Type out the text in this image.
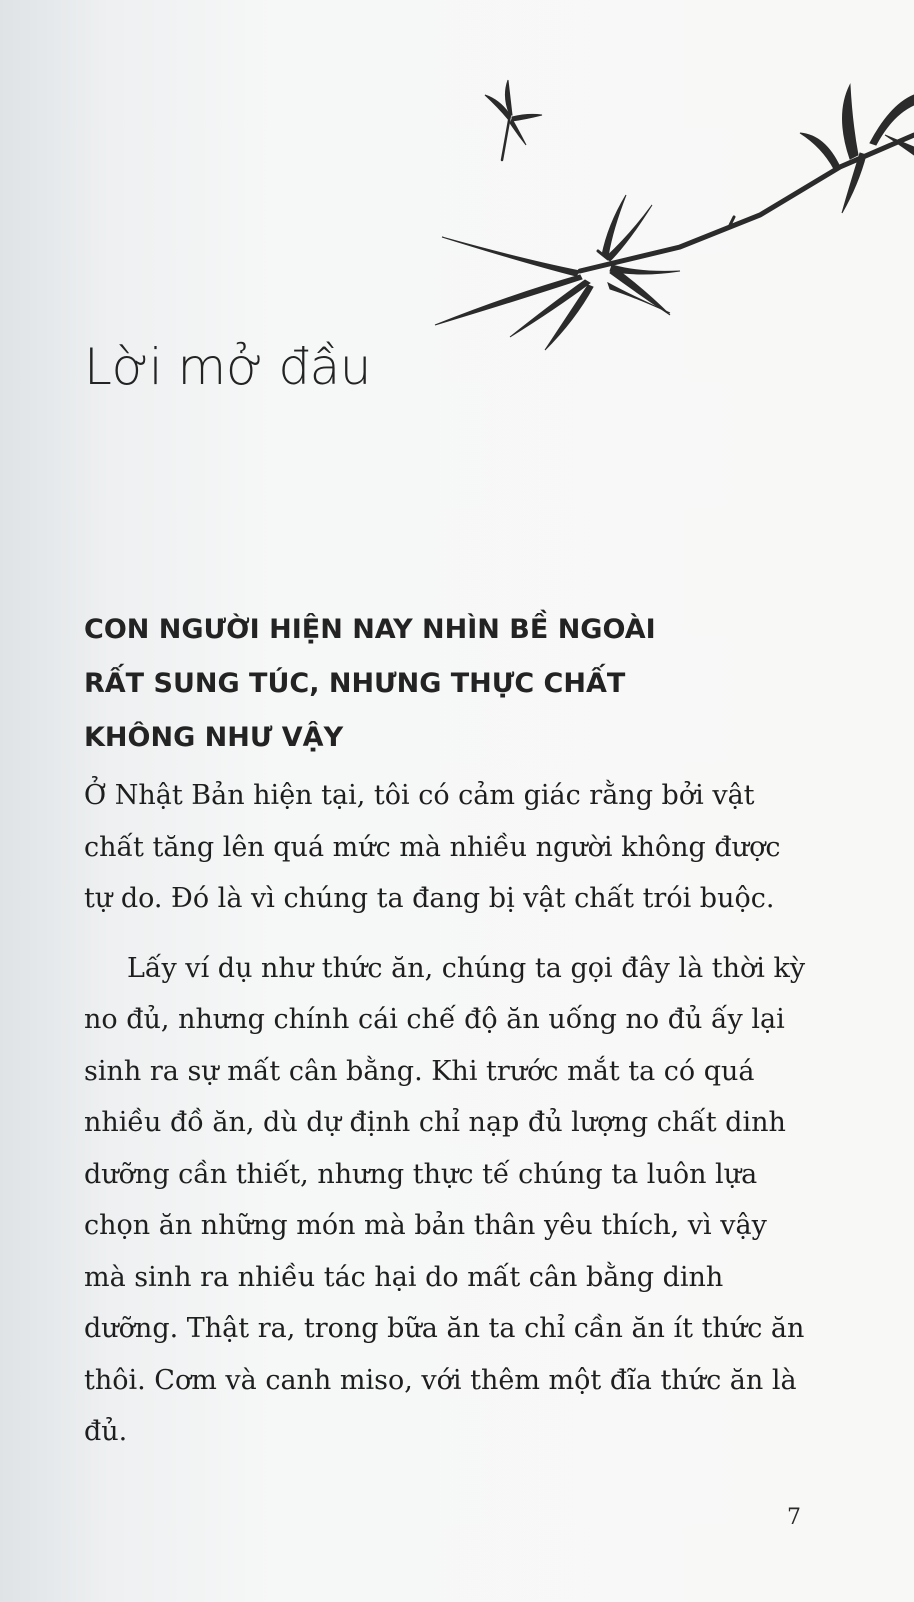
Lời mở đầu
CON NGƯỜI HIỆN NAY NHÌN BỀ NGOÀI
RẤT SUNG TÚC, NHƯNG THỰC CHẤT
KHÔNG NHƯ VẬY

Ở Nhật Bản hiện tại, tôi có cảm giác rằng bởi vật chất tăng lên quá mức mà nhiều người không được tự do. Đó là vì chúng ta đang bị vật chất trói buộc.

Lấy ví dụ như thức ăn, chúng ta gọi đây là thời kỳ no đủ, nhưng chính cái chế độ ăn uống no đủ ấy lại sinh ra sự mất cân bằng. Khi trước mắt ta có quá nhiều đồ ăn, dù dự định chỉ nạp đủ lượng chất dinh dưỡng cần thiết, nhưng thực tế chúng ta luôn lựa chọn ăn những món mà bản thân yêu thích, vì vậy mà sinh ra nhiều tác hại do mất cân bằng dinh dưỡng. Thật ra, trong bữa ăn ta chỉ cần ăn ít thức ăn thôi. Cơm và canh miso, với thêm một đĩa thức ăn là đủ.

7
